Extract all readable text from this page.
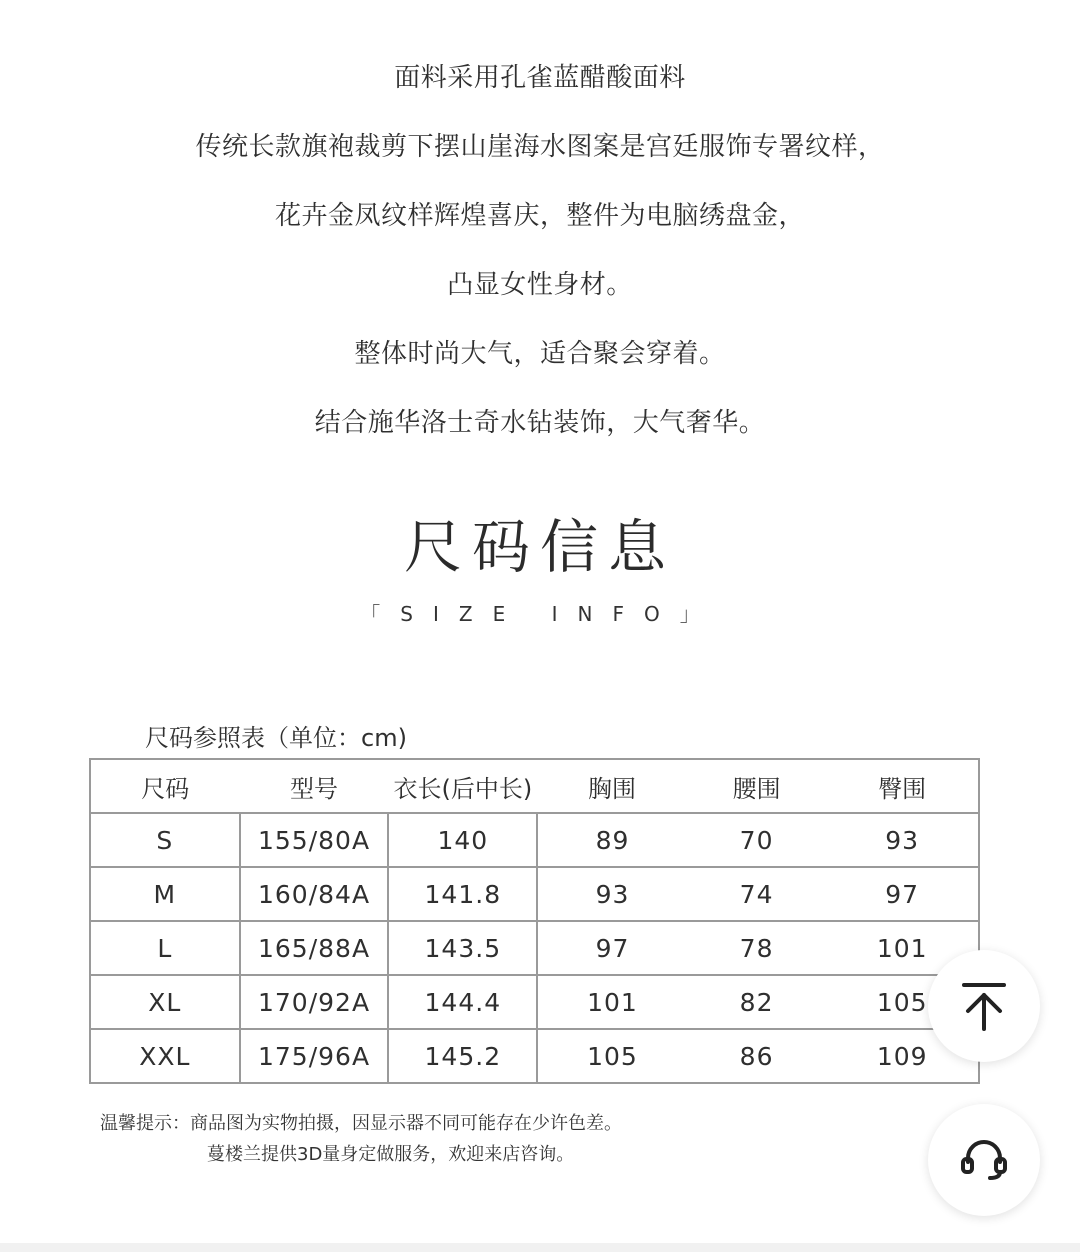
面料采用孔雀蓝醋酸面料
传统长款旗袍裁剪下摆山崖海水图案是宫廷服饰专署纹样，
花卉金凤纹样辉煌喜庆，整件为电脑绣盘金，
凸显女性身材。
整体时尚大气，适合聚会穿着。
结合施华洛士奇水钻装饰，大气奢华。
尺码信息
「SIZE INFO」
尺码参照表（单位：cm)
尺码	型号	衣长(后中长)	胸围	腰围	臀围
S	155/80A	140	89	70	93
M	160/84A	141.8	93	74	97
L	165/88A	143.5	97	78	101
XL	170/92A	144.4	101	82	105
XXL	175/96A	145.2	105	86	109
温馨提示：商品图为实物拍摄，因显示器不同可能存在少许色差。
蔓楼兰提供3D量身定做服务，欢迎来店咨询。
